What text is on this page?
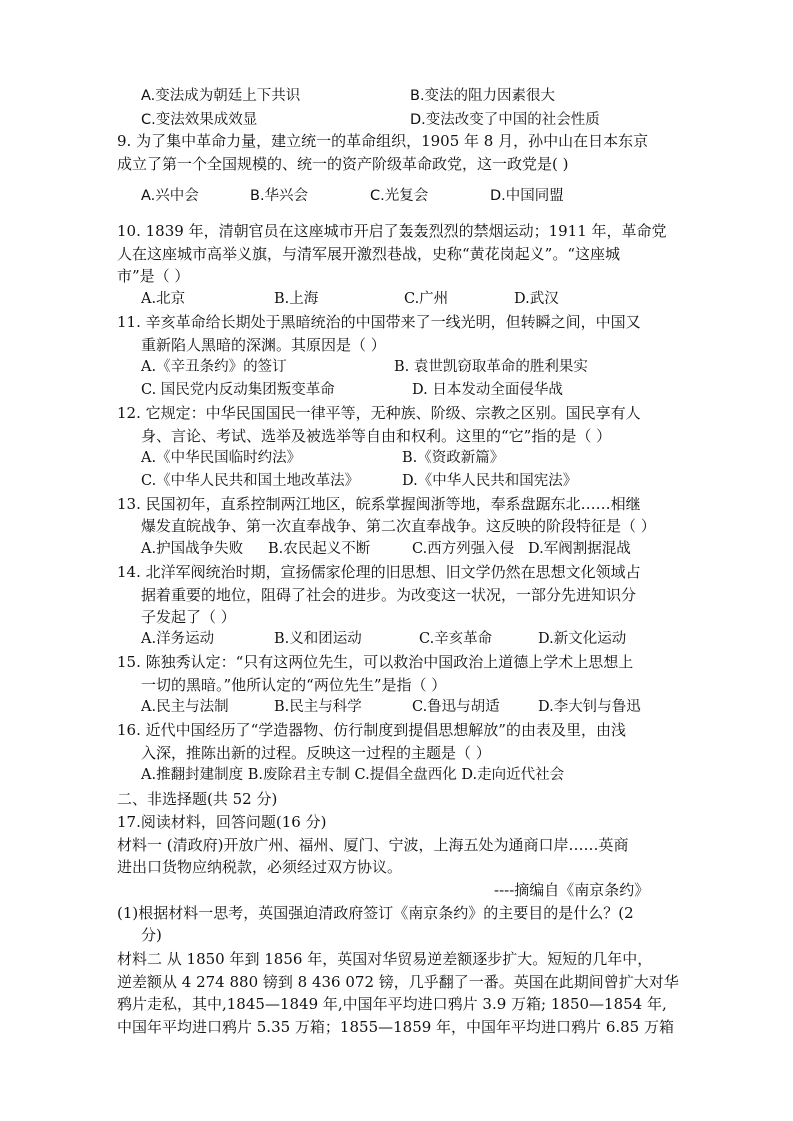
A.变法成为朝廷上下共识	B.变法的阻力因素很大
C.变法效果成效显	D.变法改变了中国的社会性质
9. 为了集中革命力量，建立统一的革命组织，1905 年 8 月，孙中山在日本东京
成立了第一个全国规模的、统一的资产阶级革命政党，这一政党是( )
A.兴中会	B.华兴会	C.光复会	D.中国同盟
10. 1839 年，清朝官员在这座城市开启了轰轰烈烈的禁烟运动；1911 年，革命党
人在这座城市高举义旗，与清军展开激烈巷战，史称“黄花岗起义”。“这座城
市”是（ ）
A.北京	B.上海	C.广州	D.武汉
11. 辛亥革命给长期处于黑暗统治的中国带来了一线光明，但转瞬之间，中国又
重新陷人黑暗的深渊。其原因是（ ）
A.《辛丑条约》的签订	B. 袁世凯窃取革命的胜利果实
C. 国民党内反动集团叛变革命	D. 日本发动全面侵华战
12. 它规定：中华民国国民一律平等，无种族、阶级、宗教之区别。国民享有人
身、言论、考试、选举及被选举等自由和权利。这里的“它”指的是（ ）
A.《中华民国临时约法》	B.《资政新篇》
C.《中华人民共和国土地改革法》	D.《中华人民共和国宪法》
13. 民国初年，直系控制两江地区，皖系掌握闽浙等地，奉系盘踞东北……相继
爆发直皖战争、第一次直奉战争、第二次直奉战争。这反映的阶段特征是（ ）
A.护国战争失败 B.农民起义不断	C.西方列强入侵 D.军阀割据混战
14. 北洋军阀统治时期，宣扬儒家伦理的旧思想、旧文学仍然在思想文化领域占
据着重要的地位，阻碍了社会的进步。为改变这一状况，一部分先进知识分
子发起了（ ）
A.洋务运动	B.义和团运动	C.辛亥革命	D.新文化运动
15. 陈独秀认定：“只有这两位先生，可以救治中国政治上道德上学术上思想上
一切的黑暗。”他所认定的“两位先生”是指（ ）
A.民主与法制	B.民主与科学	C.鲁迅与胡适	D.李大钊与鲁迅
16. 近代中国经历了“学造器物、仿行制度到提倡思想解放”的由表及里，由浅
入深，推陈出新的过程。反映这一过程的主题是（ ）
A.推翻封建制度 B.废除君主专制 C.提倡全盘西化 D.走向近代社会
二、非选择题(共 52 分)
17.阅读材料，回答问题(16 分)
材料一 (清政府)开放广州、福州、厦门、宁波，上海五处为通商口岸……英商
进出口货物应纳税款，必须经过双方协议。
----摘编自《南京条约》
(1)根据材料一思考，英国强迫清政府签订《南京条约》的主要目的是什么？(2
分)
材料二 从 1850 年到 1856 年，英国对华贸易逆差额逐步扩大。短短的几年中，
逆差额从 4 274 880 镑到 8 436 072 镑，几乎翻了一番。英国在此期间曾扩大对华
鸦片走私，其中,1845—1849 年,中国年平均进口鸦片 3.9 万箱; 1850—1854 年,
中国年平均进口鸦片 5.35 万箱；1855—1859 年，中国年平均进口鸦片 6.85 万箱
